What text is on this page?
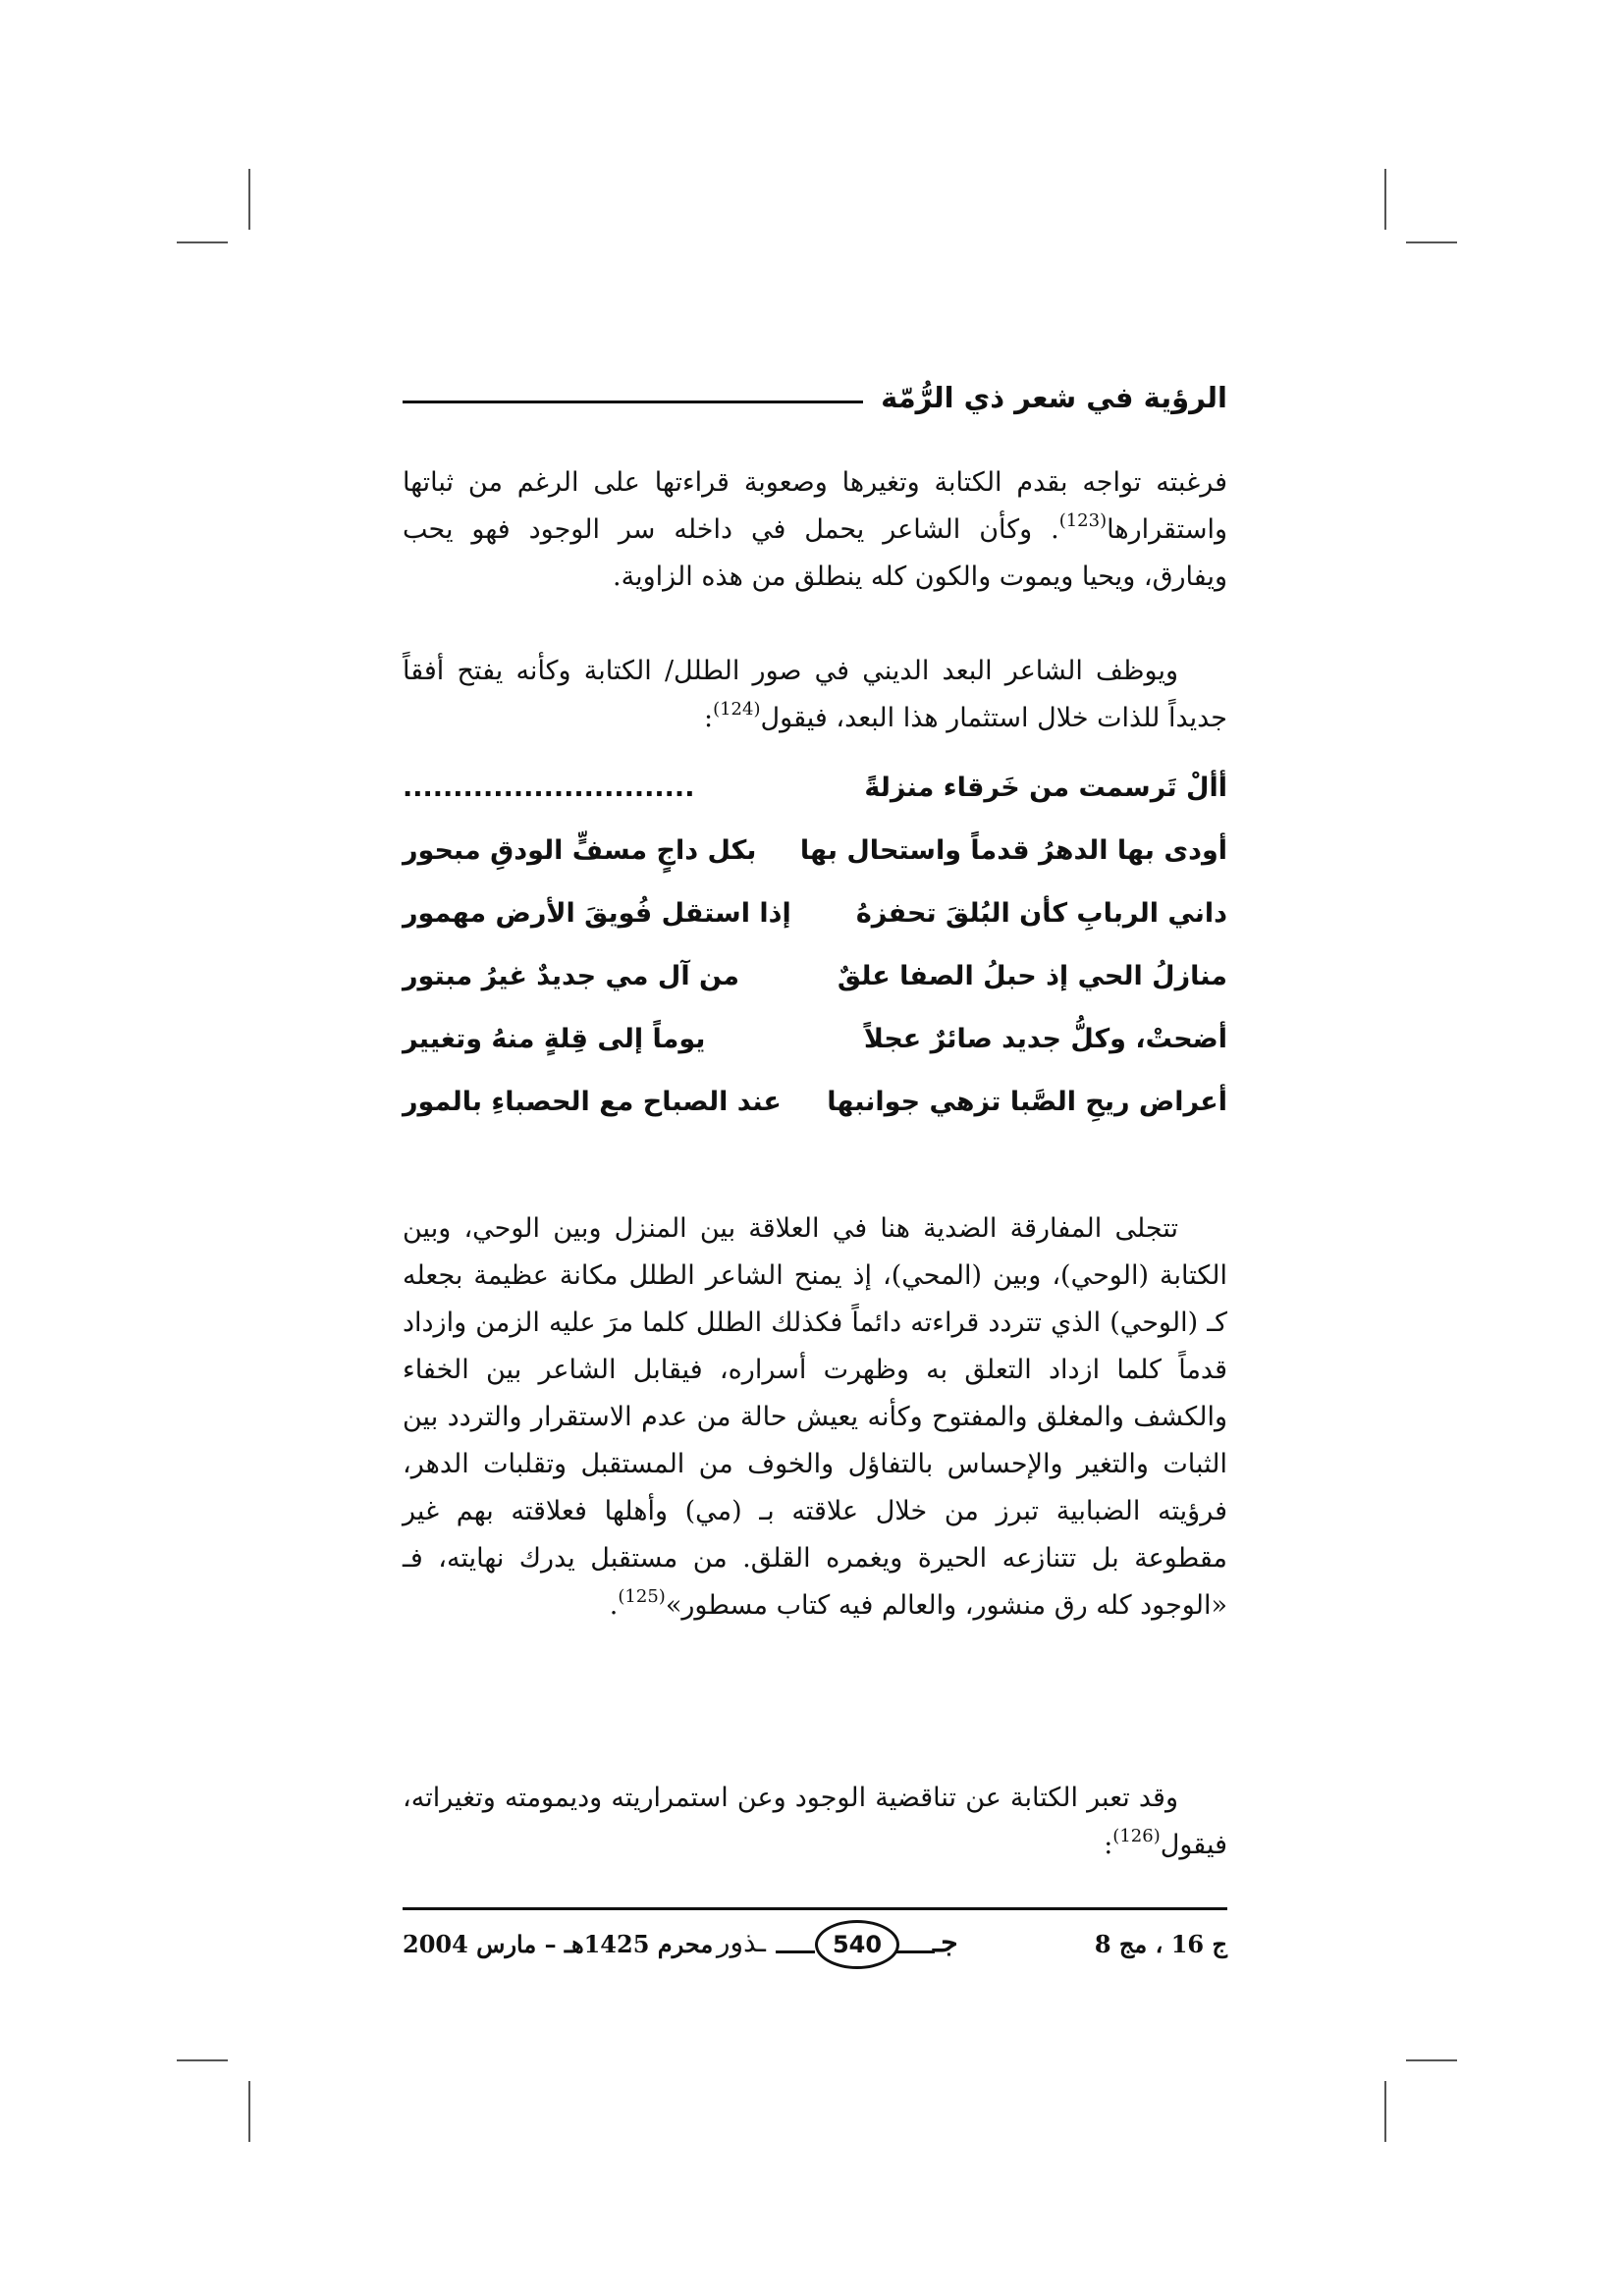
الرؤية في شعر ذي الرُّمّة

فرغبته تواجه بقدم الكتابة وتغيرها وصعوبة قراءتها على الرغم من ثباتها واستقرارها$^{(123)}$. وكأن الشاعر يحمل في داخله سر الوجود فهو يحب ويفارق، ويحيا ويموت والكون كله ينطلق من هذه الزاوية.

ويوظف الشاعر البعد الديني في صور الطلل/ الكتابة وكأنه يفتح أفقاً جديداً للذات خلال استثمار هذا البعد، فيقول$^{(124)}$:

أألْ تَرسمت من خَرقاء منزلةً
.............................
أودى بها الدهرُ قدماً واستحال بها
بكل داجٍ مسفٍّ الودقِ مبحور
داني الربابِ كأن البُلقَ تحفزهُ
إذا استقل فُويقَ الأرض مهمور
منازلُ الحي إذ حبلُ الصفا علقٌ
من آل مي جديدٌ غيرُ مبتور
أضحتْ، وكلُّ جديد صائرٌ عجلاً
يوماً إلى قِلةٍ منهُ وتغيير
أعراض ريحِ الصَّبا تزهي جوانبها
عند الصباح مع الحصباءِ بالمور

تتجلى المفارقة الضدية هنا في العلاقة بين المنزل وبين الوحي، وبين الكتابة (الوحي)، وبين (المحي)، إذ يمنح الشاعر الطلل مكانة عظيمة بجعله كـ (الوحي) الذي تتردد قراءته دائماً فكذلك الطلل كلما مرَ عليه الزمن وازداد قدماً كلما ازداد التعلق به وظهرت أسراره، فيقابل الشاعر بين الخفاء والكشف والمغلق والمفتوح وكأنه يعيش حالة من عدم الاستقرار والتردد بين الثبات والتغير والإحساس بالتفاؤل والخوف من المستقبل وتقلبات الدهر، فرؤيته الضبابية تبرز من خلال علاقته بـ (مي) وأهلها فعلاقته بهم غير مقطوعة بل تتنازعه الحيرة ويغمره القلق. من مستقبل يدرك نهايته، فـ «الوجود كله رق منشور، والعالم فيه كتاب مسطور»$^{(125)}$.

وقد تعبر الكتابة عن تناقضية الوجود وعن استمراريته وديمومته وتغيراته، فيقول$^{(126)}$:

ج 16 ، مج 8
ـذور	540	جـ
محرم 1425هـ – مارس 2004
